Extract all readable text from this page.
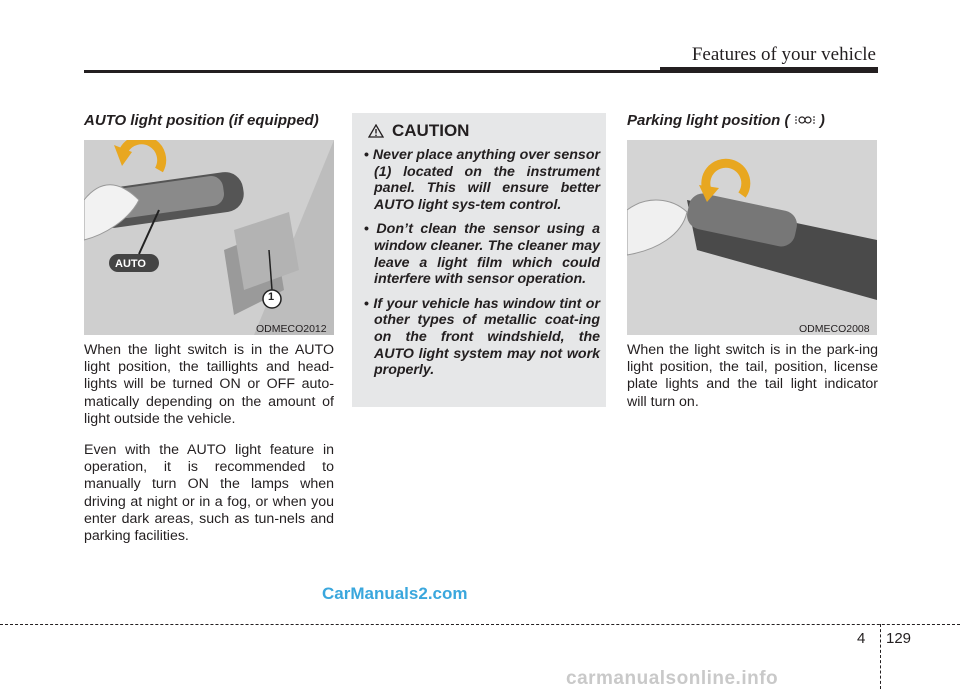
Features of your vehicle
AUTO light position (if equipped)
AUTO
1
ODMECO2012

When the light switch is in the AUTO light position, the taillights and head-lights will be turned ON or OFF auto-matically depending on the amount of light outside the vehicle.

Even with the AUTO light feature in operation, it is recommended to manually turn ON the lamps when driving at night or in a fog, or when you enter dark areas, such as tun-nels and parking facilities.

CAUTION
• Never place anything over sensor (1) located on the instrument panel. This will ensure better AUTO light sys-tem control.
• Don’t clean the sensor using a window cleaner. The cleaner may leave a light film which could interfere with sensor operation.
• If your vehicle has window tint or other types of metallic coat-ing on the front windshield, the AUTO light system may not work properly.
Parking light position ( )
ODMECO2008

When the light switch is in the park-ing light position, the tail, position, license plate lights and the tail light indicator will turn on.

CarManuals2.com
4 129
carmanualsonline.info
